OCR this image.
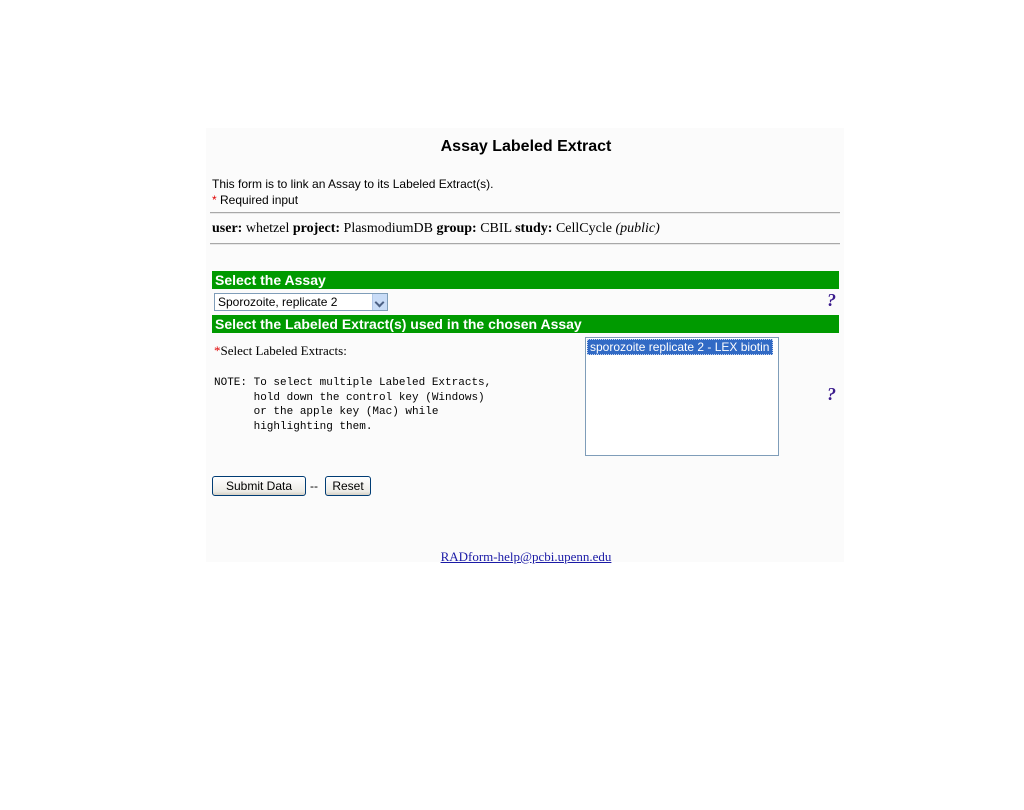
Assay Labeled Extract
This form is to link an Assay to its Labeled Extract(s).
* Required input
user: whetzel project: PlasmodiumDB group: CBIL study: CellCycle (public)
Select the Assay
Sporozoite, replicate 2	?
Select the Labeled Extract(s) used in the chosen Assay
*Select Labeled Extracts:
NOTE: To select multiple Labeled Extracts,
hold down the control key (Windows)
or the apple key (Mac) while
highlighting them.
sporozoite replicate 2 - LEX biotin
?
Submit Data	--	Reset
RADform-help@pcbi.upenn.edu
